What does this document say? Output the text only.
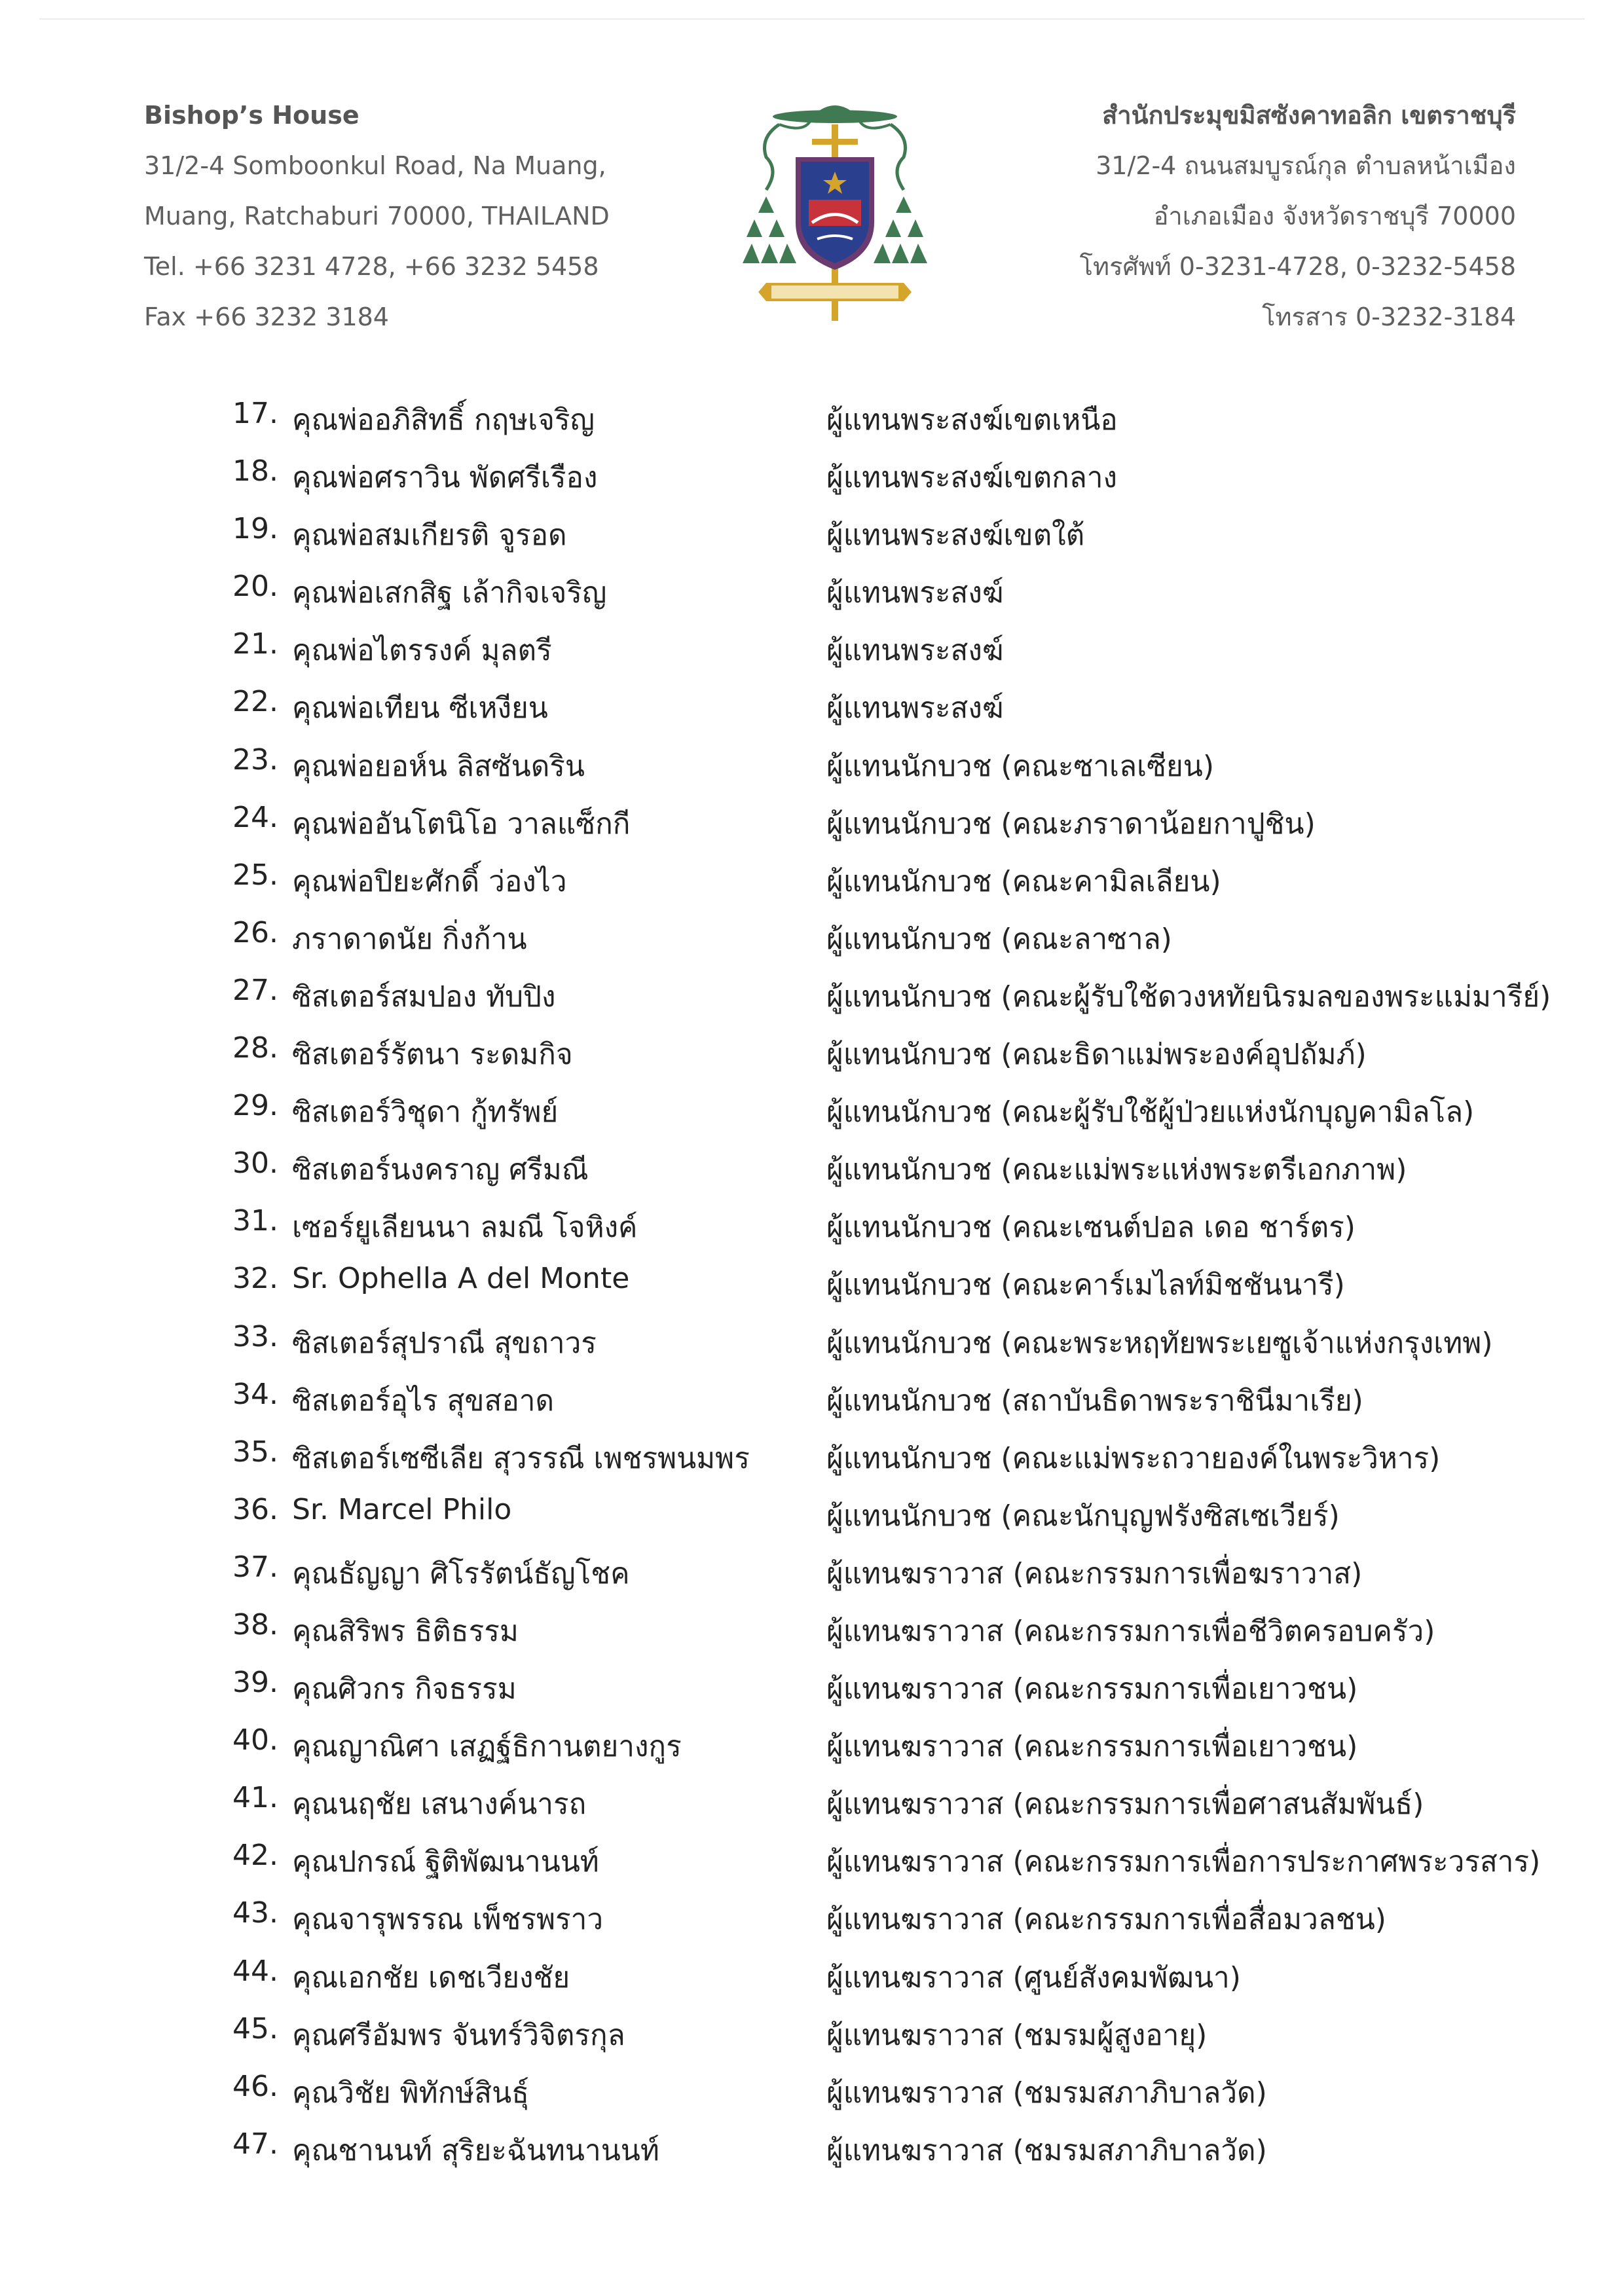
Bishop’s House
31/2-4 Somboonkul Road, Na Muang,
Muang, Ratchaburi 70000, THAILAND
Tel. +66 3231 4728, +66 3232 5458
Fax +66 3232 3184
สำนักประมุขมิสซังคาทอลิก เขตราชบุรี
31/2-4 ถนนสมบูรณ์กุล ตำบลหน้าเมือง
อำเภอเมือง จังหวัดราชบุรี 70000
โทรศัพท์ 0-3231-4728, 0-3232-5458
โทรสาร 0-3232-3184
17. คุณพ่ออภิสิทธิ์ กฤษเจริญ	ผู้แทนพระสงฆ์เขตเหนือ
18. คุณพ่อศราวิน พัดศรีเรือง	ผู้แทนพระสงฆ์เขตกลาง
19. คุณพ่อสมเกียรติ จูรอด	ผู้แทนพระสงฆ์เขตใต้
20. คุณพ่อเสกสิฐ เล้ากิจเจริญ	ผู้แทนพระสงฆ์
21. คุณพ่อไตรรงค์ มุลตรี	ผู้แทนพระสงฆ์
22. คุณพ่อเทียน ซีเหงียน	ผู้แทนพระสงฆ์
23. คุณพ่อยอห์น ลิสซันดริน	ผู้แทนนักบวช (คณะซาเลเซียน)
24. คุณพ่ออันโตนิโอ วาลแซ็กกี	ผู้แทนนักบวช (คณะภราดาน้อยกาปูชิน)
25. คุณพ่อปิยะศักดิ์ ว่องไว	ผู้แทนนักบวช (คณะคามิลเลียน)
26. ภราดาดนัย กิ่งก้าน	ผู้แทนนักบวช (คณะลาซาล)
27. ซิสเตอร์สมปอง ทับปิง	ผู้แทนนักบวช (คณะผู้รับใช้ดวงหทัยนิรมลของพระแม่มารีย์)
28. ซิสเตอร์รัตนา ระดมกิจ	ผู้แทนนักบวช (คณะธิดาแม่พระองค์อุปถัมภ์)
29. ซิสเตอร์วิชุดา กู้ทรัพย์	ผู้แทนนักบวช (คณะผู้รับใช้ผู้ป่วยแห่งนักบุญคามิลโล)
30. ซิสเตอร์นงคราญ ศรีมณี	ผู้แทนนักบวช (คณะแม่พระแห่งพระตรีเอกภาพ)
31. เซอร์ยูเลียนนา ลมณี โจหิงค์	ผู้แทนนักบวช (คณะเซนต์ปอล เดอ ชาร์ตร)
32. Sr. Ophella A del Monte	ผู้แทนนักบวช (คณะคาร์เมไลท์มิชชันนารี)
33. ซิสเตอร์สุปราณี สุขถาวร	ผู้แทนนักบวช (คณะพระหฤทัยพระเยซูเจ้าแห่งกรุงเทพ)
34. ซิสเตอร์อุไร สุขสอาด	ผู้แทนนักบวช (สถาบันธิดาพระราชินีมาเรีย)
35. ซิสเตอร์เซซีเลีย สุวรรณี เพชรพนมพร	ผู้แทนนักบวช (คณะแม่พระถวายองค์ในพระวิหาร)
36. Sr. Marcel Philo	ผู้แทนนักบวช (คณะนักบุญฟรังซิสเซเวียร์)
37. คุณธัญญา ศิโรรัตน์ธัญโชค	ผู้แทนฆราวาส (คณะกรรมการเพื่อฆราวาส)
38. คุณสิริพร ธิติธรรม	ผู้แทนฆราวาส (คณะกรรมการเพื่อชีวิตครอบครัว)
39. คุณศิวกร กิจธรรม	ผู้แทนฆราวาส (คณะกรรมการเพื่อเยาวชน)
40. คุณญาณิศา เสฏฐ์ธิกานตยางกูร	ผู้แทนฆราวาส (คณะกรรมการเพื่อเยาวชน)
41. คุณนฤชัย เสนางค์นารถ	ผู้แทนฆราวาส (คณะกรรมการเพื่อศาสนสัมพันธ์)
42. คุณปกรณ์ ฐิติพัฒนานนท์	ผู้แทนฆราวาส (คณะกรรมการเพื่อการประกาศพระวรสาร)
43. คุณจารุพรรณ เพ็ชรพราว	ผู้แทนฆราวาส (คณะกรรมการเพื่อสื่อมวลชน)
44. คุณเอกชัย เดชเวียงชัย	ผู้แทนฆราวาส (ศูนย์สังคมพัฒนา)
45. คุณศรีอัมพร จันทร์วิจิตรกุล	ผู้แทนฆราวาส (ชมรมผู้สูงอายุ)
46. คุณวิชัย พิทักษ์สินธุ์	ผู้แทนฆราวาส (ชมรมสภาภิบาลวัด)
47. คุณชานนท์ สุริยะฉันทนานนท์	ผู้แทนฆราวาส (ชมรมสภาภิบาลวัด)
